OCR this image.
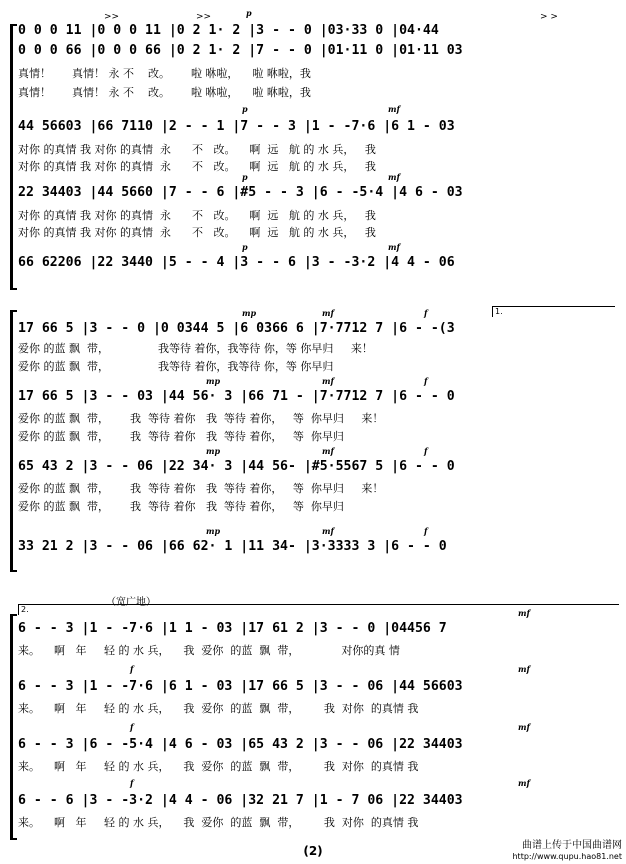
0 0 0 11 |0 0 0 11 |0 2 1· 2 |3 - - 0 |03·33 0 |04·44
0 0 0 66 |0 0 0 66 |0 2 1· 2 |7 - - 0 |01·11 0 |01·11 03
真情！      真情！ 永 不    改。      啦 咻啦，    啦 咻啦，我
真情！      真情！ 永 不    改。      啦 咻啦，    啦 咻啦，我
44 56603 |66 7110 |2 - - 1 |7 - - 3 |1 - -7·6 |6 1 - 03
对你 的真情 我 对你 的真情  永      不   改。    啊  远   航 的 水 兵，   我
对你 的真情 我 对你 的真情  永      不   改。    啊  远   航 的 水 兵，   我
22 34403 |44 5660 |7 - - 6 |#5 - - 3 |6 - -5·4 |4 6 - 03
对你 的真情 我 对你 的真情  永      不   改。    啊  远   航 的 水 兵，   我
对你 的真情 我 对你 的真情  永      不   改。    啊  远   航 的 水 兵，   我
66 62206 |22 3440 |5 - - 4 |3 - - 6 |3 - -3·2 |4 4 - 06
>>	>>	> >
p
p	mf
p	mf
p	mf
1.
17 66 5 |3 - - 0 |0 0344 5 |6 0366 6 |7·7712 7 |6 - -(3
爱你 的蓝 飘  带，              我等待 着你，我等待 你，等 你早归     来！
爱你 的蓝 飘  带，              我等待 着你，我等待 你，等 你早归
17 66 5 |3 - - 03 |44 56· 3 |66 71 - |7·7712 7 |6 - - 0
爱你 的蓝 飘  带，      我  等待 着你   我  等待 着你，   等  你早归     来！
爱你 的蓝 飘  带，      我  等待 着你   我  等待 着你，   等  你早归
65 43 2 |3 - - 06 |22 34· 3 |44 56- |#5·5567 5 |6 - - 0
爱你 的蓝 飘  带，      我  等待 着你   我  等待 着你，   等  你早归     来！
爱你 的蓝 飘  带，      我  等待 着你   我  等待 着你，   等  你早归
33 21 2 |3 - - 06 |66 62· 1 |11 34- |3·3333 3 |6 - - 0
mp	mf	f
mp	mf	f
mp	mf	f
mp	mf	f
（宽广地）
2.
6 - - 3 |1 - -7·6 |1 1 - 03 |17 61 2 |3 - - 0 |04456 7
来。    啊   年     轻 的 水 兵，    我  爱你  的蓝  飘  带，            对你的真 情
6 - - 3 |1 - -7·6 |6 1 - 03 |17 66 5 |3 - - 06 |44 56603
来。    啊   年     轻 的 水 兵，    我  爱你  的蓝  飘  带，       我  对你  的真情 我
6 - - 3 |6 - -5·4 |4 6 - 03 |65 43 2 |3 - - 06 |22 34403
来。    啊   年     轻 的 水 兵，    我  爱你  的蓝  飘  带，       我  对你  的真情 我
6 - - 6 |3 - -3·2 |4 4 - 06 |32 21 7 |1 - 7 06 |22 34403
来。    啊   年     轻 的 水 兵，    我  爱你  的蓝  飘  带，       我  对你  的真情 我
mf
f	mf
f	mf
f	mf
(2)	曲谱上传于中国曲谱网
http://www.qupu.hao81.net
